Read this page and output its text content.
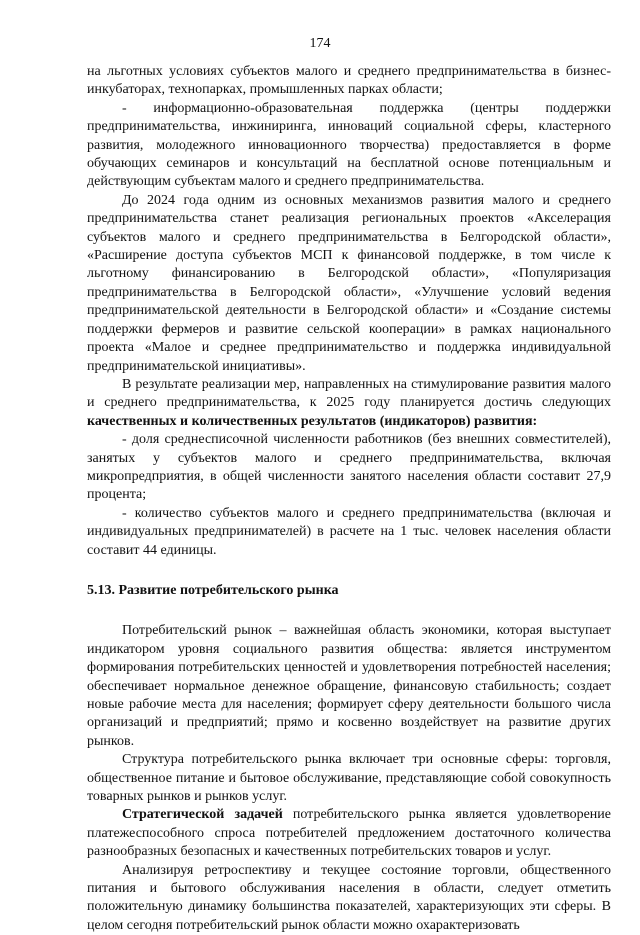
174

на льготных условиях субъектов малого и среднего предпринимательства в бизнес-инкубаторах, технопарках, промышленных парках области;

- информационно-образовательная поддержка (центры поддержки предпринимательства, инжиниринга, инноваций социальной сферы, кластерного развития, молодежного инновационного творчества) предоставляется в форме обучающих семинаров и консультаций на бесплатной основе потенциальным и действующим субъектам малого и среднего предпринимательства.

До 2024 года одним из основных механизмов развития малого и среднего предпринимательства станет реализация региональных проектов «Акселерация субъектов малого и среднего предпринимательства в Белгородской области», «Расширение доступа субъектов МСП к финансовой поддержке, в том числе к льготному финансированию в Белгородской области», «Популяризация предпринимательства в Белгородской области», «Улучшение условий ведения предпринимательской деятельности в Белгородской области» и «Создание системы поддержки фермеров и развитие сельской кооперации» в рамках национального проекта «Малое и среднее предпринимательство и поддержка индивидуальной предпринимательской инициативы».

В результате реализации мер, направленных на стимулирование развития малого и среднего предпринимательства, к 2025 году планируется достичь следующих качественных и количественных результатов (индикаторов) развития:

- доля среднесписочной численности работников (без внешних совместителей), занятых у субъектов малого и среднего предпринимательства, включая микропредприятия, в общей численности занятого населения области составит 27,9 процента;

- количество субъектов малого и среднего предпринимательства (включая и индивидуальных предпринимателей) в расчете на 1 тыс. человек населения области составит 44 единицы.

5.13. Развитие потребительского рынка

Потребительский рынок – важнейшая область экономики, которая выступает индикатором уровня социального развития общества: является инструментом формирования потребительских ценностей и удовлетворения потребностей населения; обеспечивает нормальное денежное обращение, финансовую стабильность; создает новые рабочие места для населения; формирует сферу деятельности большого числа организаций и предприятий; прямо и косвенно воздействует на развитие других рынков.

Структура потребительского рынка включает три основные сферы: торговля, общественное питание и бытовое обслуживание, представляющие собой совокупность товарных рынков и рынков услуг.

Стратегической задачей потребительского рынка является удовлетворение платежеспособного спроса потребителей предложением достаточного количества разнообразных безопасных и качественных потребительских товаров и услуг.

Анализируя ретроспективу и текущее состояние торговли, общественного питания и бытового обслуживания населения в области, следует отметить положительную динамику большинства показателей, характеризующих эти сферы. В целом сегодня потребительский рынок области можно охарактеризовать
